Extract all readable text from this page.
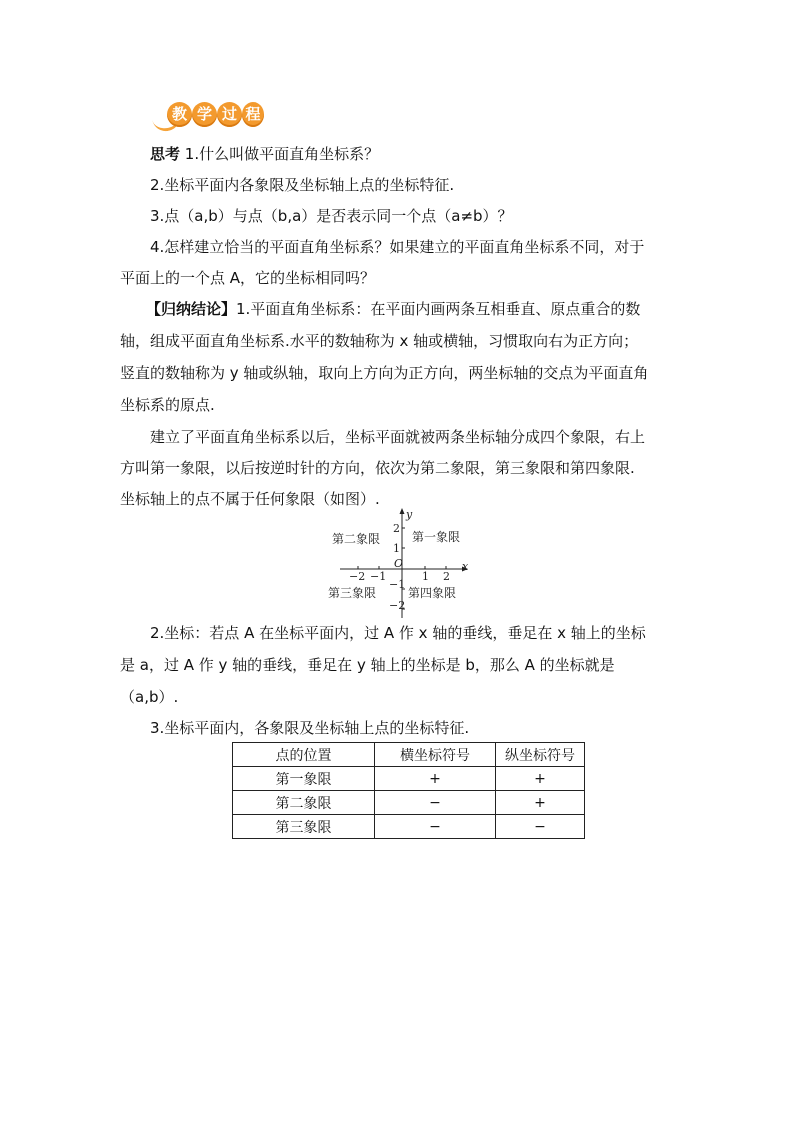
教 学 过 程
思考 1.什么叫做平面直角坐标系？
2.坐标平面内各象限及坐标轴上点的坐标特征.
3.点（a,b）与点（b,a）是否表示同一个点（a≠b）？
4.怎样建立恰当的平面直角坐标系？如果建立的平面直角坐标系不同，对于
平面上的一个点 A，它的坐标相同吗？
【归纳结论】1.平面直角坐标系：在平面内画两条互相垂直、原点重合的数
轴，组成平面直角坐标系.水平的数轴称为 x 轴或横轴，习惯取向右为正方向；
竖直的数轴称为 y 轴或纵轴，取向上方向为正方向，两坐标轴的交点为平面直角
坐标系的原点.
建立了平面直角坐标系以后，坐标平面就被两条坐标轴分成四个象限，右上
方叫第一象限，以后按逆时针的方向，依次为第二象限，第三象限和第四象限.
坐标轴上的点不属于任何象限（如图）.
第二象限	第一象限
第三象限	第四象限
x
y
O
−2 −1	1 2
2
1
−1
−2
2.坐标：若点 A 在坐标平面内，过 A 作 x 轴的垂线，垂足在 x 轴上的坐标
是 a，过 A 作 y 轴的垂线，垂足在 y 轴上的坐标是 b，那么 A 的坐标就是
（a,b）.
3.坐标平面内，各象限及坐标轴上点的坐标特征.
点的位置	横坐标符号	纵坐标符号
第一象限	+	+
第二象限	−	+
第三象限	−	−
